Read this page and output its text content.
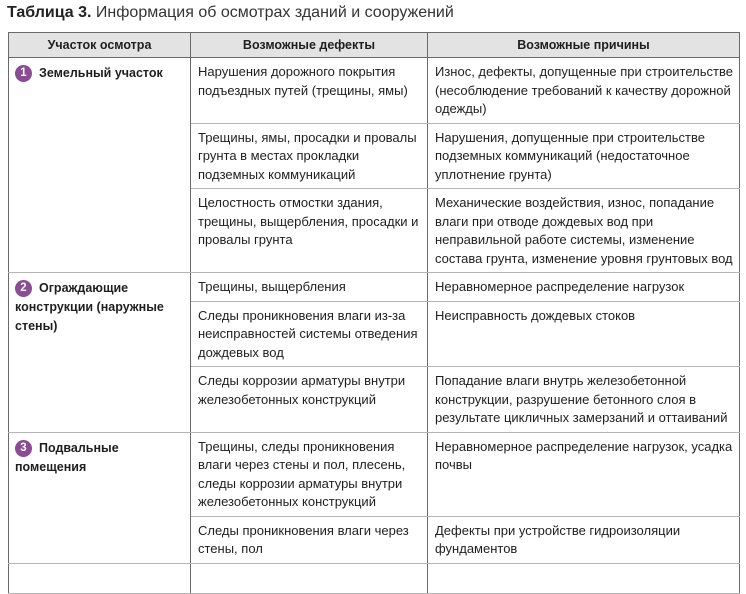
Таблица 3. Информация об осмотрах зданий и сооружений
Участок осмотра	Возможные дефекты	Возможные причины
1 Земельный участок	Нарушения дорожного покрытия подъездных путей (трещины, ямы)	Износ, дефекты, допущенные при строительстве (несоблюдение требований к качеству дорожной одежды)
	Трещины, ямы, просадки и провалы грунта в местах прокладки подземных коммуникаций	Нарушения, допущенные при строительстве подземных коммуникаций (недостаточное уплотнение грунта)
	Целостность отмостки здания, трещины, выщербления, просадки и провалы грунта	Механические воздействия, износ, попадание влаги при отводе дождевых вод при неправильной работе системы, изменение состава грунта, изменение уровня грунтовых вод
2 Ограждающие конструкции (наружные стены)	Трещины, выщербления	Неравномерное распределение нагрузок
	Следы проникновения влаги из-за неисправностей системы отведения дождевых вод	Неисправность дождевых стоков
	Следы коррозии арматуры внутри железобетонных конструкций	Попадание влаги внутрь железобетонной конструкции, разрушение бетонного слоя в результате цикличных замерзаний и оттаиваний
3 Подвальные помещения	Трещины, следы проникновения влаги через стены и пол, плесень, следы коррозии арматуры внутри железобетонных конструкций	Неравномерное распределение нагрузок, усадка почвы
	Следы проникновения влаги через стены, пол	Дефекты при устройстве гидроизоляции фундаментов
